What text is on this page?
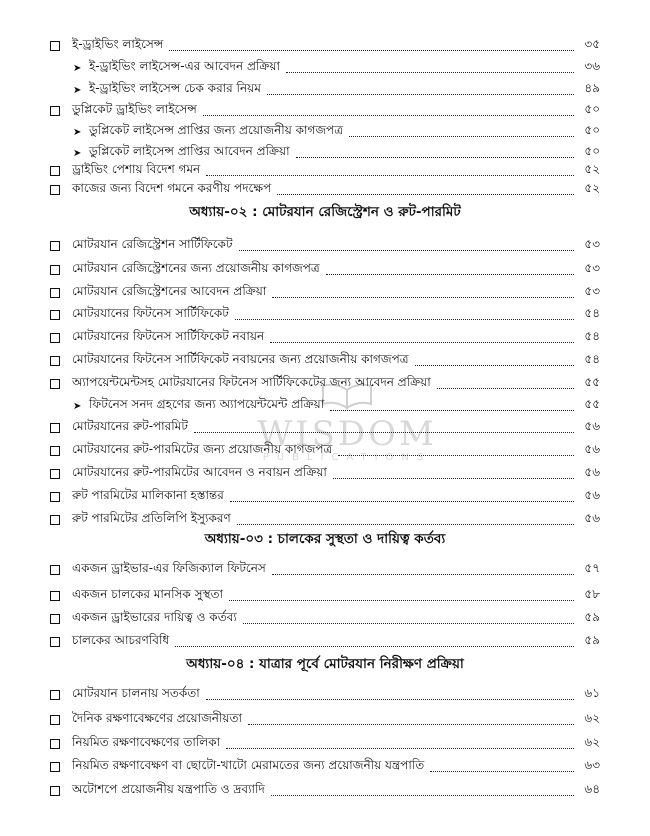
WISDOM
PUBLICATIONS
ই-ড্রাইভিং লাইসেন্স	৩৫
➤ ই-ড্রাইভিং লাইসেন্স-এর আবেদন প্রক্রিয়া	৩৬
➤ ই-ড্রাইভিং লাইসেন্স চেক করার নিয়ম	৪৯
ডুপ্লিকেট ড্রাইভিং লাইসেন্স	৫০
➤ ডুপ্লিকেট লাইসেন্স প্রাপ্তির জন্য প্রয়োজনীয় কাগজপত্র	৫০
➤ ডুপ্লিকেট লাইসেন্স প্রাপ্তির আবেদন প্রক্রিয়া	৫০
ড্রাইভিং পেশায় বিদেশ গমন	৫২
কাজের জন্য বিদেশ গমনে করণীয় পদক্ষেপ	৫২
অধ্যায়-০২ : মোটরযান রেজিস্ট্রেশন ও রুট-পারমিট
মোটরযান রেজিস্ট্রেশন সার্টিফিকেট	৫৩
মোটরযান রেজিস্ট্রেশনের জন্য প্রয়োজনীয় কাগজপত্র	৫৩
মোটরযান রেজিস্ট্রেশনের আবেদন প্রক্রিয়া	৫৩
মোটরযানের ফিটনেস সার্টিফিকেট	৫৪
মোটরযানের ফিটনেস সার্টিফিকেট নবায়ন	৫৪
মোটরযানের ফিটনেস সার্টিফিকেট নবায়নের জন্য প্রয়োজনীয় কাগজপত্র	৫৪
অ্যাপয়েন্টমেন্টসহ মোটরযানের ফিটনেস সার্টিফিকেটের জন্য আবেদন প্রক্রিয়া	৫৫
➤ ফিটনেস সনদ গ্রহণের জন্য অ্যাপয়েন্টমেন্ট প্রক্রিয়া	৫৫
মোটরযানের রুট-পারমিট	৫৬
মোটরযানের রুট-পারমিটের জন্য প্রয়োজনীয় কাগজপত্র	৫৬
মোটরযানের রুট-পারমিটের আবেদন ও নবায়ন প্রক্রিয়া	৫৬
রুট পারমিটের মালিকানা হস্তান্তর	৫৬
রুট পারমিটের প্রতিলিপি ইস্যুকরণ	৫৬
অধ্যায়-০৩ : চালকের সুস্থতা ও দায়িত্ব কর্তব্য
একজন ড্রাইভার-এর ফিজিক্যাল ফিটনেস	৫৭
একজন চালকের মানসিক সুস্থতা	৫৮
একজন ড্রাইভারের দায়িত্ব ও কর্তব্য	৫৯
চালকের আচরণবিধি	৫৯
অধ্যায়-০৪ : যাত্রার পূর্বে মোটরযান নিরীক্ষণ প্রক্রিয়া
মোটরযান চালনায় সতর্কতা	৬১
দৈনিক রক্ষণাবেক্ষণের প্রয়োজনীয়তা	৬২
নিয়মিত রক্ষণাবেক্ষণের তালিকা	৬২
নিয়মিত রক্ষণাবেক্ষণ বা ছোটো-খাটো মেরামতের জন্য প্রয়োজনীয় যন্ত্রপাতি	৬৩
অটোশপে প্রয়োজনীয় যন্ত্রপাতি ও দ্রব্যাদি	৬৪
